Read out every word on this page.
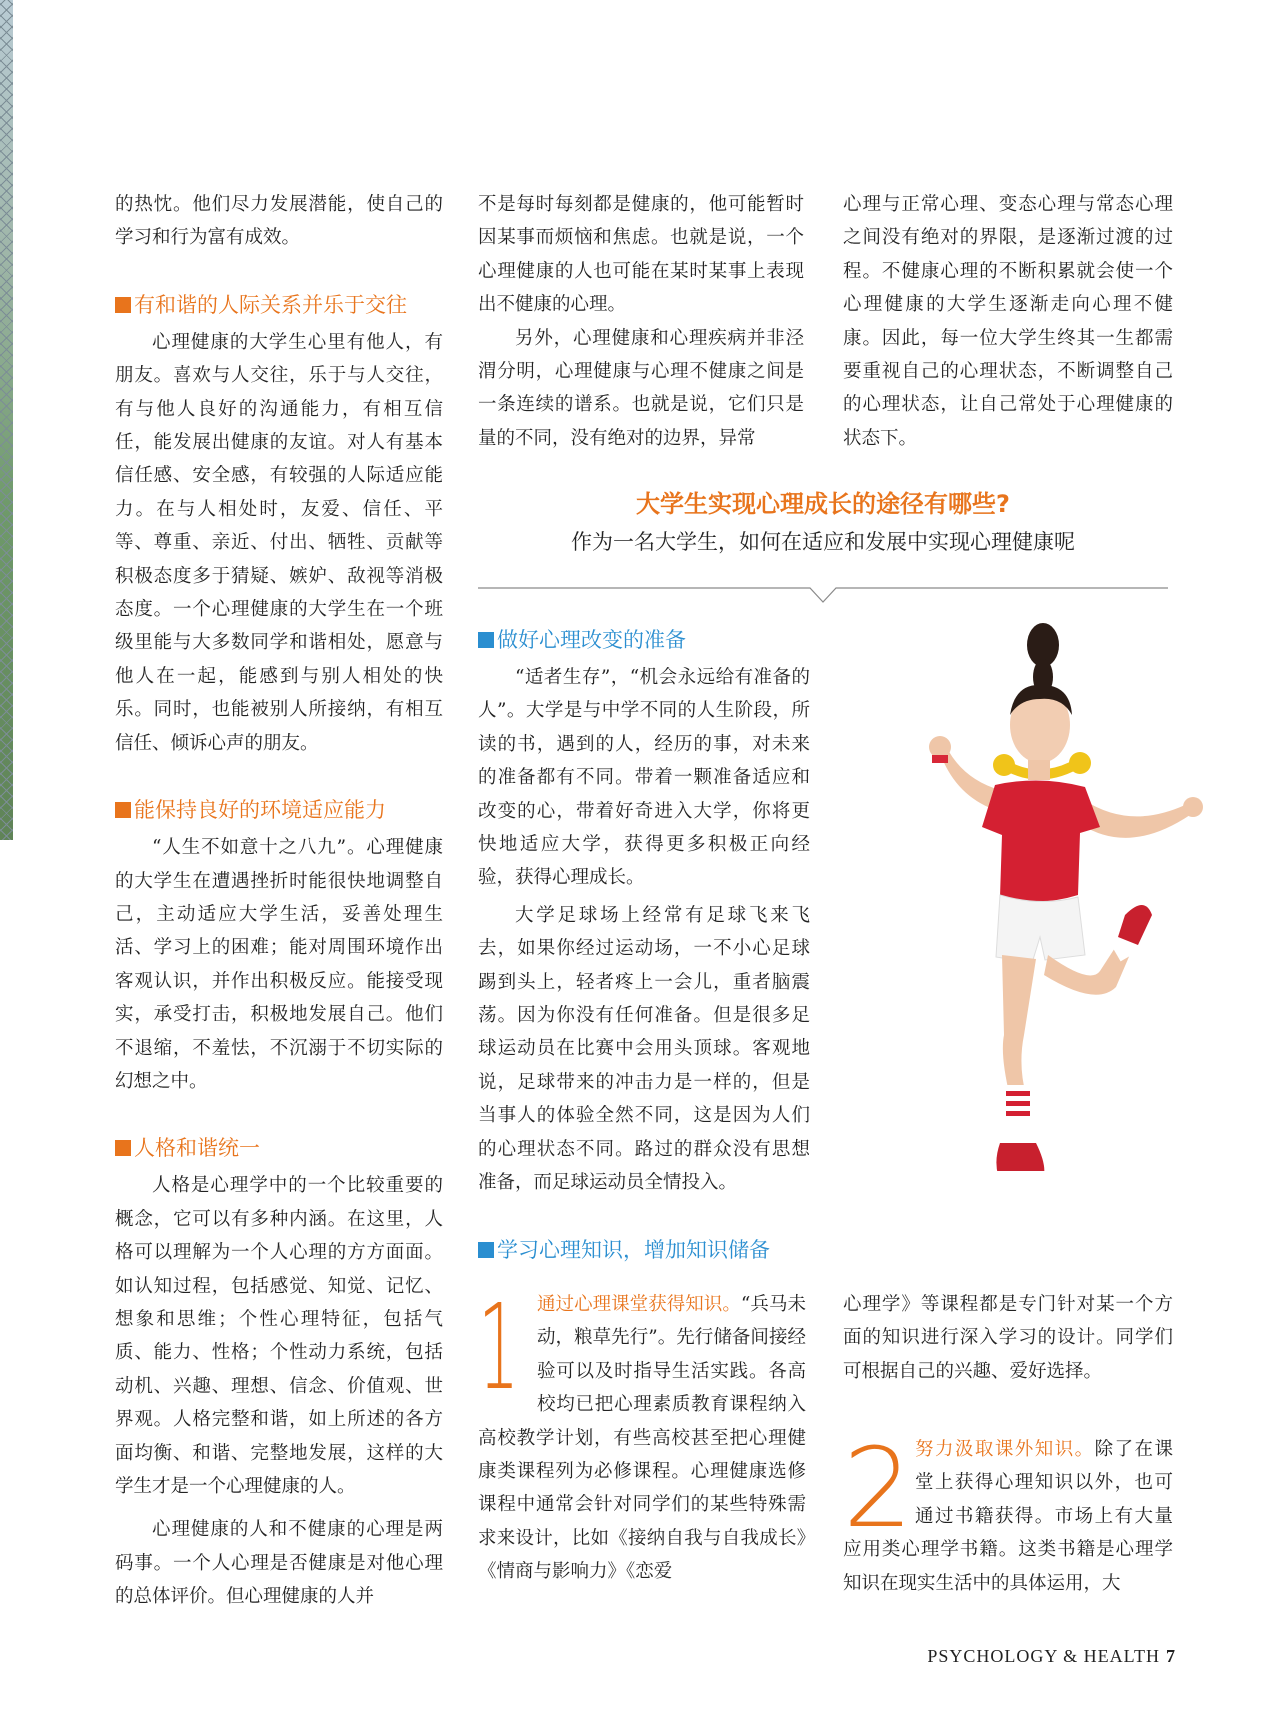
的热忱。他们尽力发展潜能，使自己的学习和行为富有成效。

有和谐的人际关系并乐于交往

心理健康的大学生心里有他人，有朋友。喜欢与人交往，乐于与人交往，有与他人良好的沟通能力，有相互信任，能发展出健康的友谊。对人有基本信任感、安全感，有较强的人际适应能力。在与人相处时，友爱、信任、平等、尊重、亲近、付出、牺牲、贡献等积极态度多于猜疑、嫉妒、敌视等消极态度。一个心理健康的大学生在一个班级里能与大多数同学和谐相处，愿意与他人在一起，能感到与别人相处的快乐。同时，也能被别人所接纳，有相互信任、倾诉心声的朋友。

能保持良好的环境适应能力

“人生不如意十之八九”。心理健康的大学生在遭遇挫折时能很快地调整自己，主动适应大学生活，妥善处理生活、学习上的困难；能对周围环境作出客观认识，并作出积极反应。能接受现实，承受打击，积极地发展自己。他们不退缩，不羞怯，不沉溺于不切实际的幻想之中。

人格和谐统一

人格是心理学中的一个比较重要的概念，它可以有多种内涵。在这里，人格可以理解为一个人心理的方方面面。如认知过程，包括感觉、知觉、记忆、想象和思维；个性心理特征，包括气质、能力、性格；个性动力系统，包括动机、兴趣、理想、信念、价值观、世界观。人格完整和谐，如上所述的各方面均衡、和谐、完整地发展，这样的大学生才是一个心理健康的人。

心理健康的人和不健康的心理是两码事。一个人心理是否健康是对他心理的总体评价。但心理健康的人并

不是每时每刻都是健康的，他可能暂时因某事而烦恼和焦虑。也就是说，一个心理健康的人也可能在某时某事上表现出不健康的心理。

另外，心理健康和心理疾病并非泾渭分明，心理健康与心理不健康之间是一条连续的谱系。也就是说，它们只是量的不同，没有绝对的边界，异常

心理与正常心理、变态心理与常态心理之间没有绝对的界限，是逐渐过渡的过程。不健康心理的不断积累就会使一个心理健康的大学生逐渐走向心理不健康。因此，每一位大学生终其一生都需要重视自己的心理状态，不断调整自己的心理状态，让自己常处于心理健康的状态下。

大学生实现心理成长的途径有哪些?
作为一名大学生，如何在适应和发展中实现心理健康呢
做好心理改变的准备

“适者生存”，“机会永远给有准备的人”。大学是与中学不同的人生阶段，所读的书，遇到的人，经历的事，对未来的准备都有不同。带着一颗准备适应和改变的心，带着好奇进入大学，你将更快地适应大学，获得更多积极正向经验，获得心理成长。

大学足球场上经常有足球飞来飞去，如果你经过运动场，一不小心足球踢到头上，轻者疼上一会儿，重者脑震荡。因为你没有任何准备。但是很多足球运动员在比赛中会用头顶球。客观地说，足球带来的冲击力是一样的，但是当事人的体验全然不同，这是因为人们的心理状态不同。路过的群众没有思想准备，而足球运动员全情投入。

学习心理知识，增加知识储备
1 通过心理课堂获得知识。“兵马未动，粮草先行”。先行储备间接经验可以及时指导生活实践。各高校均已把心理素质教育课程纳入高校教学计划，有些高校甚至把心理健康类课程列为必修课程。心理健康选修课程中通常会针对同学们的某些特殊需求来设计，比如《接纳自我与自我成长》《情商与影响力》《恋爱

心理学》等课程都是专门针对某一个方面的知识进行深入学习的设计。同学们可根据自己的兴趣、爱好选择。

2 努力汲取课外知识。除了在课堂上获得心理知识以外，也可通过书籍获得。市场上有大量应用类心理学书籍。这类书籍是心理学知识在现实生活中的具体运用，大
PSYCHOLOGY & HEALTH 7
